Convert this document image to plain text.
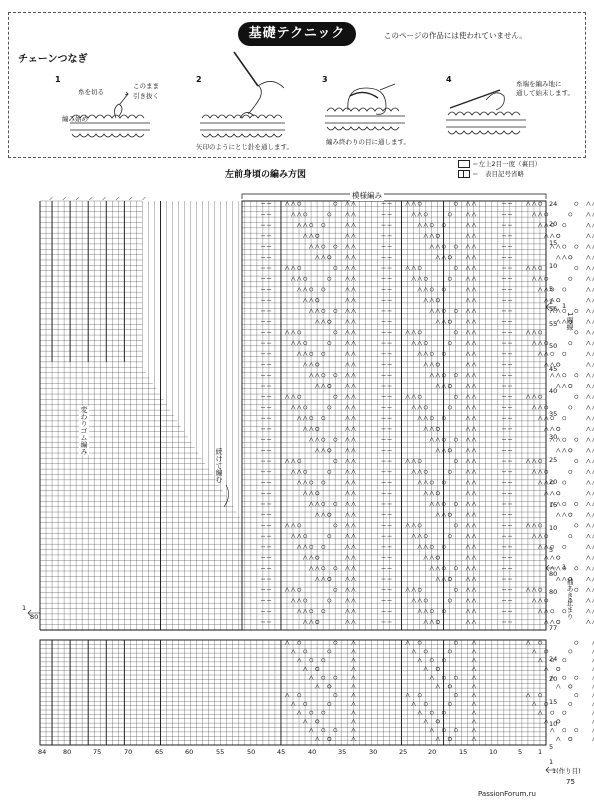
基礎テクニック	このページの作品には使われていません。
チェーンつなぎ
1
糸を切る
このまま
引き抜く
編み始め
2
矢印のようにとじ針を通します。
3
編み終わりの目に通します。
4	糸端を編み地に
通して始末します。
左前身頃の編み方図
＝左上2目一度（裏目）
＝　表目記号省略
模様編み
変わりゴム編み
続けて編む
24
20
15
10
5
2
56 1
1両線
55
50
45
40
35
30
25
20
15
10
5
1
80
袖あき止まり
80
77
1
80
24
20
15
10
5
1
1(作り目)
84	80	75	70	65	60	55	50	45	40	35	30	25	20	15	10	5 1
75
PassionForum.ru
